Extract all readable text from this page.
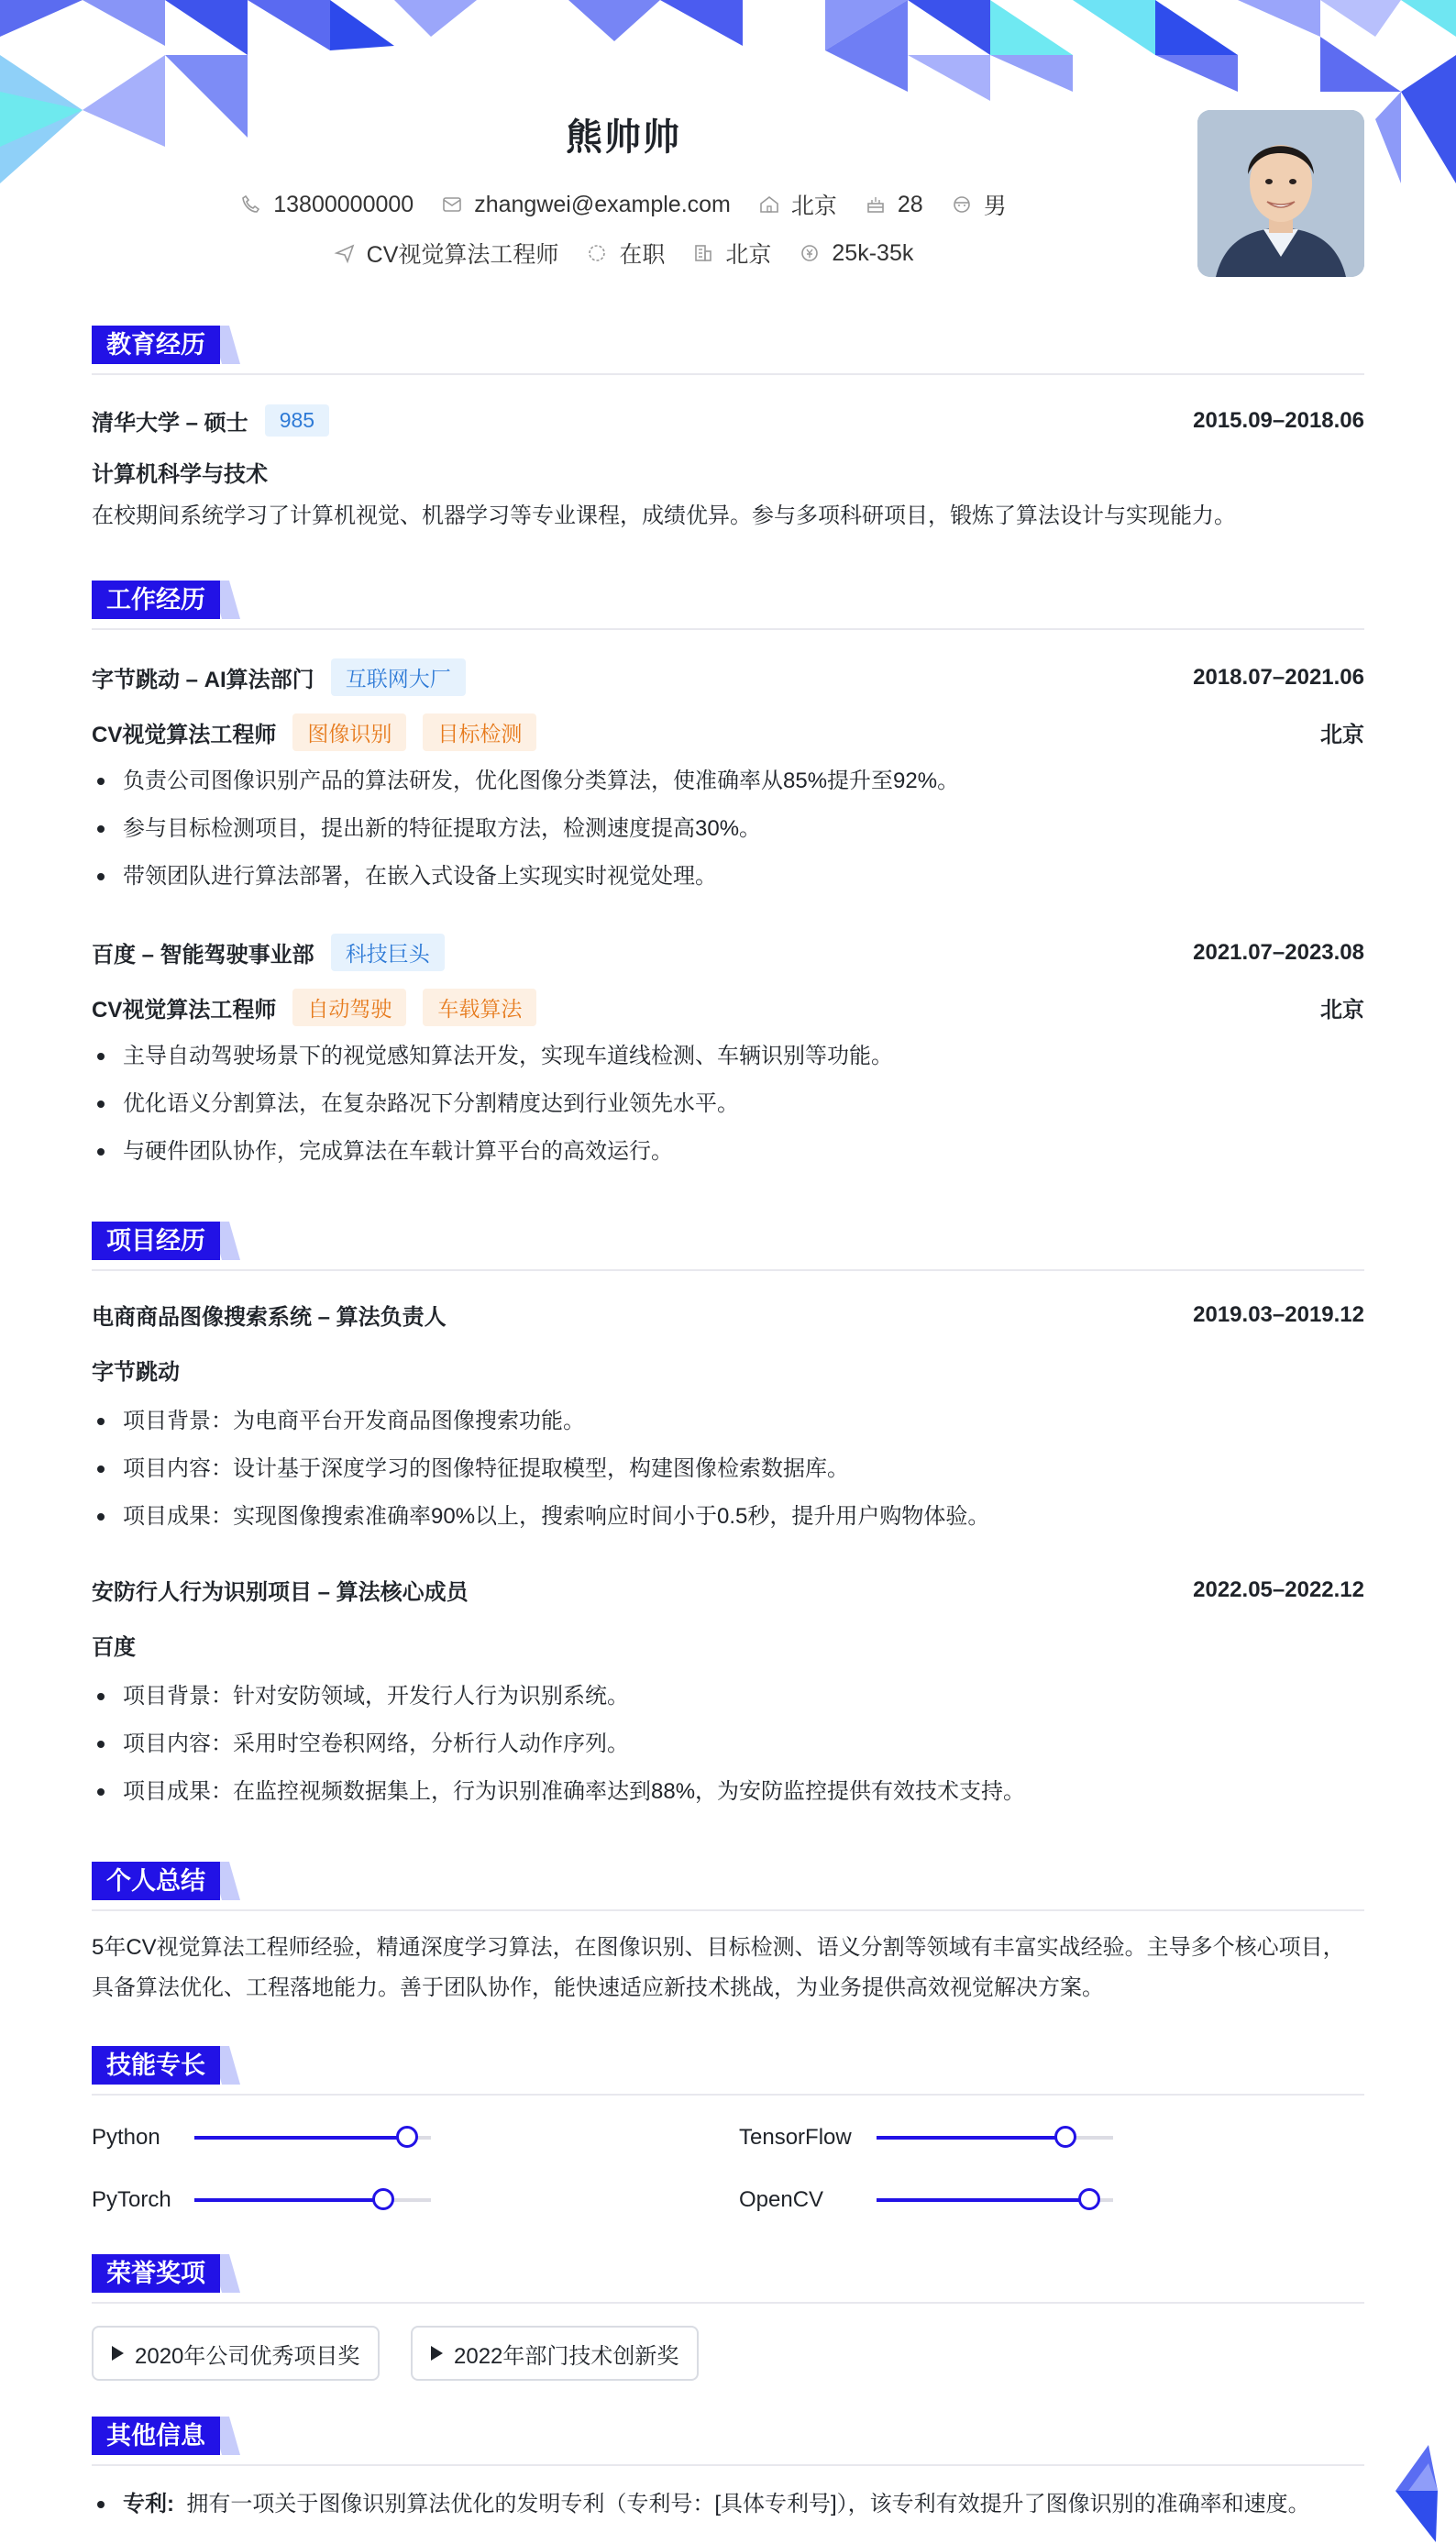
熊帅帅
13800000000	zhangwei@example.com	北京	28	男
CV视觉算法工程师	在职	北京	25k-35k
教育经历
清华大学 – 硕士	985	2015.09–2018.06
计算机科学与技术
在校期间系统学习了计算机视觉、机器学习等专业课程，成绩优异。参与多项科研项目，锻炼了算法设计与实现能力。
工作经历
字节跳动 – AI算法部门	互联网大厂	2018.07–2021.06
CV视觉算法工程师	图像识别	目标检测	北京
负责公司图像识别产品的算法研发，优化图像分类算法，使准确率从85%提升至92%。
参与目标检测项目，提出新的特征提取方法，检测速度提高30%。
带领团队进行算法部署，在嵌入式设备上实现实时视觉处理。
百度 – 智能驾驶事业部	科技巨头	2021.07–2023.08
CV视觉算法工程师	自动驾驶	车载算法	北京
主导自动驾驶场景下的视觉感知算法开发，实现车道线检测、车辆识别等功能。
优化语义分割算法，在复杂路况下分割精度达到行业领先水平。
与硬件团队协作，完成算法在车载计算平台的高效运行。
项目经历
电商商品图像搜索系统 – 算法负责人	2019.03–2019.12
字节跳动
项目背景：为电商平台开发商品图像搜索功能。
项目内容：设计基于深度学习的图像特征提取模型，构建图像检索数据库。
项目成果：实现图像搜索准确率90%以上，搜索响应时间小于0.5秒，提升用户购物体验。
安防行人行为识别项目 – 算法核心成员	2022.05–2022.12
百度
项目背景：针对安防领域，开发行人行为识别系统。
项目内容：采用时空卷积网络，分析行人动作序列。
项目成果：在监控视频数据集上，行为识别准确率达到88%，为安防监控提供有效技术支持。
个人总结
5年CV视觉算法工程师经验，精通深度学习算法，在图像识别、目标检测、语义分割等领域有丰富实战经验。主导多个核心项目，具备算法优化、工程落地能力。善于团队协作，能快速适应新技术挑战，为业务提供高效视觉解决方案。
技能专长
Python	TensorFlow
PyTorch	OpenCV
荣誉奖项
2020年公司优秀项目奖	2022年部门技术创新奖
其他信息
专利: 拥有一项关于图像识别算法优化的发明专利（专利号：[具体专利号]），该专利有效提升了图像识别的准确率和速度。
